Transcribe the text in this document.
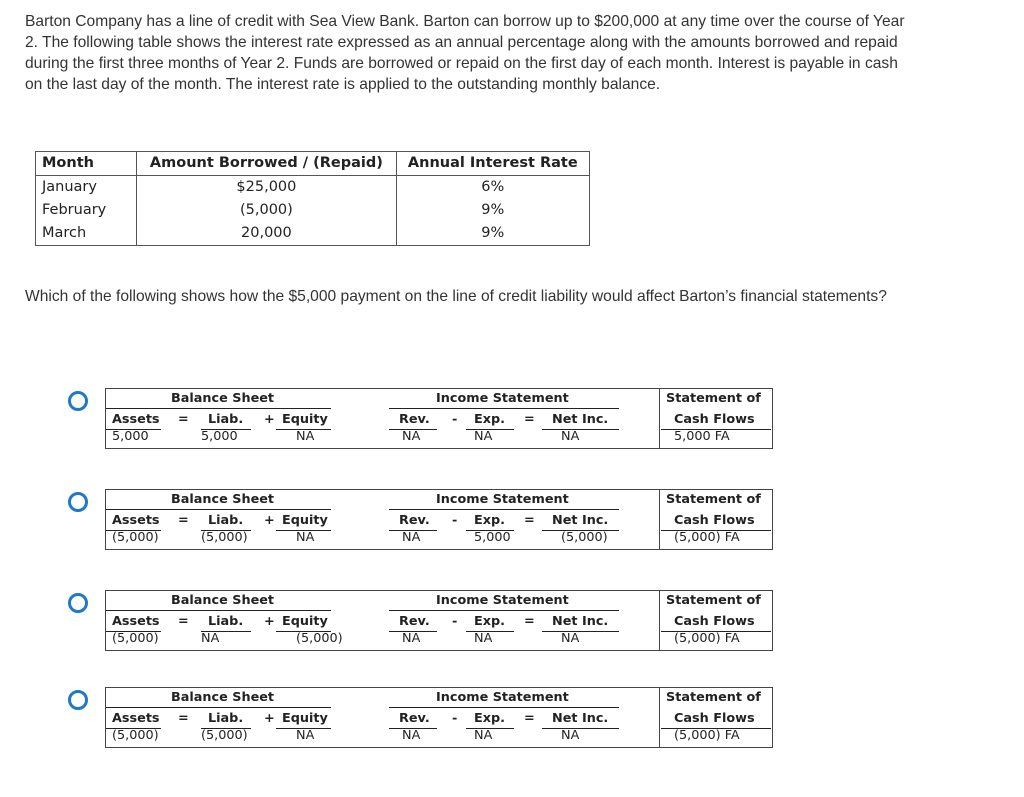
Barton Company has a line of credit with Sea View Bank. Barton can borrow up to $200,000 at any time over the course of Year 2. The following table shows the interest rate expressed as an annual percentage along with the amounts borrowed and repaid during the first three months of Year 2. Funds are borrowed or repaid on the first day of each month. Interest is payable in cash on the last day of the month. The interest rate is applied to the outstanding monthly balance.

Month	Amount Borrowed / (Repaid)	Annual Interest Rate
January	$25,000	6%
February	(5,000)	9%
March	20,000	9%

Which of the following shows how the $5,000 payment on the line of credit liability would affect Barton’s financial statements?

Balance Sheet	Income Statement	Statement of
Cash Flows
Assets = Liab. + Equity	Rev. - Exp. = Net Inc.
5,000	5,000	NA	NA	NA	NA	5,000 FA
Balance Sheet	Income Statement	Statement of
Cash Flows
Assets = Liab. + Equity	Rev. - Exp. = Net Inc.
(5,000)	(5,000)	NA	NA	5,000	(5,000)	(5,000) FA
Balance Sheet	Income Statement	Statement of
Cash Flows
Assets = Liab. + Equity	Rev. - Exp. = Net Inc.
(5,000)	NA	(5,000)	NA	NA	NA	(5,000) FA
Balance Sheet	Income Statement	Statement of
Cash Flows
Assets = Liab. + Equity	Rev. - Exp. = Net Inc.
(5,000)	(5,000)	NA	NA	NA	NA	(5,000) FA
